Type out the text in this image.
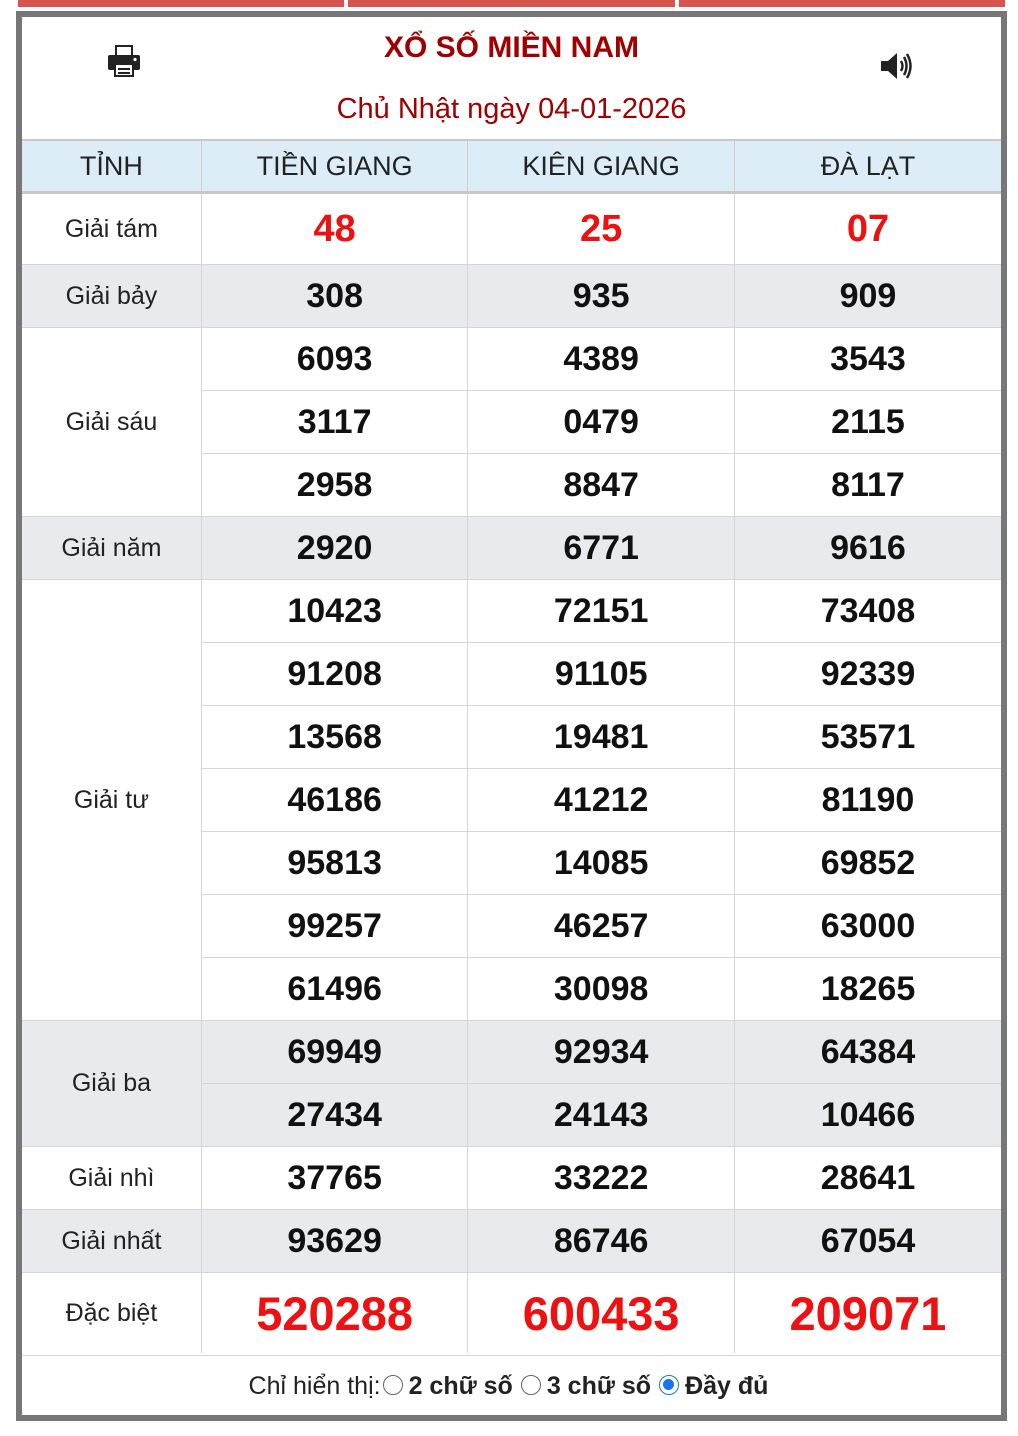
XỔ SỐ MIỀN NAM
Chủ Nhật ngày 04-01-2026
TỈNH	TIỀN GIANG	KIÊN GIANG	ĐÀ LẠT
Giải tám	48	25	07
Giải bảy	308	935	909
Giải sáu	6093	4389	3543
	3117	0479	2115
	2958	8847	8117
Giải năm	2920	6771	9616
Giải tư	10423	72151	73408
	91208	91105	92339
	13568	19481	53571
	46186	41212	81190
	95813	14085	69852
	99257	46257	63000
	61496	30098	18265
Giải ba	69949	92934	64384
	27434	24143	10466
Giải nhì	37765	33222	28641
Giải nhất	93629	86746	67054
Đặc biệt	520288	600433	209071
Chỉ hiển thị: 2 chữ số 3 chữ số Đầy đủ
